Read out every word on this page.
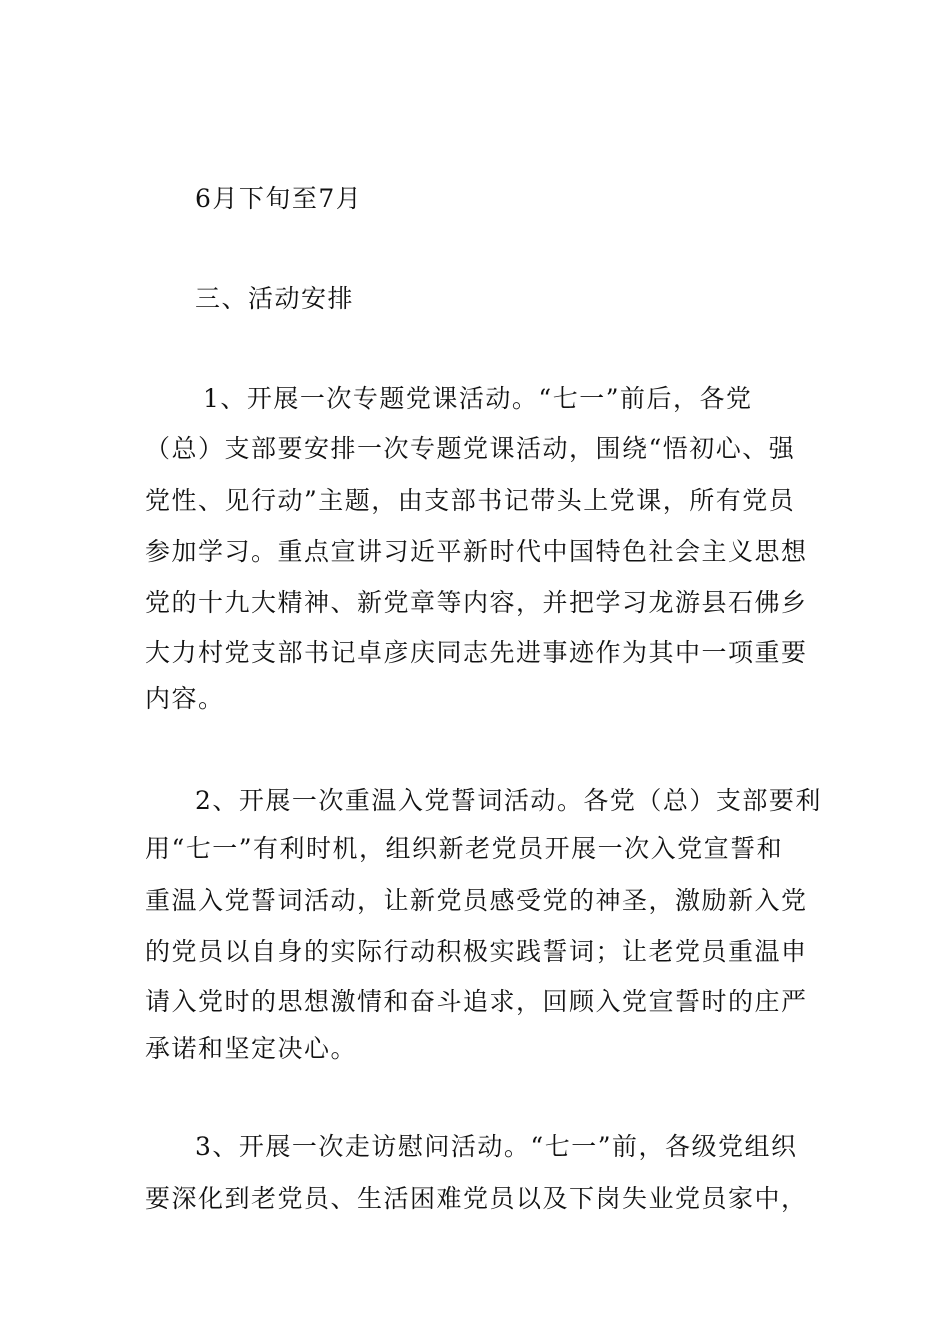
6月下旬至7月
三、活动安排
1、开展一次专题党课活动。“七一”前后，各党
（总）支部要安排一次专题党课活动，围绕“悟初心、强
党性、见行动”主题，由支部书记带头上党课，所有党员
参加学习。重点宣讲习近平新时代中国特色社会主义思想
党的十九大精神、新党章等内容，并把学习龙游县石佛乡
大力村党支部书记卓彦庆同志先进事迹作为其中一项重要
内容。
2、开展一次重温入党誓词活动。各党（总）支部要利
用“七一”有利时机，组织新老党员开展一次入党宣誓和
重温入党誓词活动，让新党员感受党的神圣，激励新入党
的党员以自身的实际行动积极实践誓词；让老党员重温申
请入党时的思想激情和奋斗追求，回顾入党宣誓时的庄严
承诺和坚定决心。
3、开展一次走访慰问活动。“七一”前，各级党组织
要深化到老党员、生活困难党员以及下岗失业党员家中，
